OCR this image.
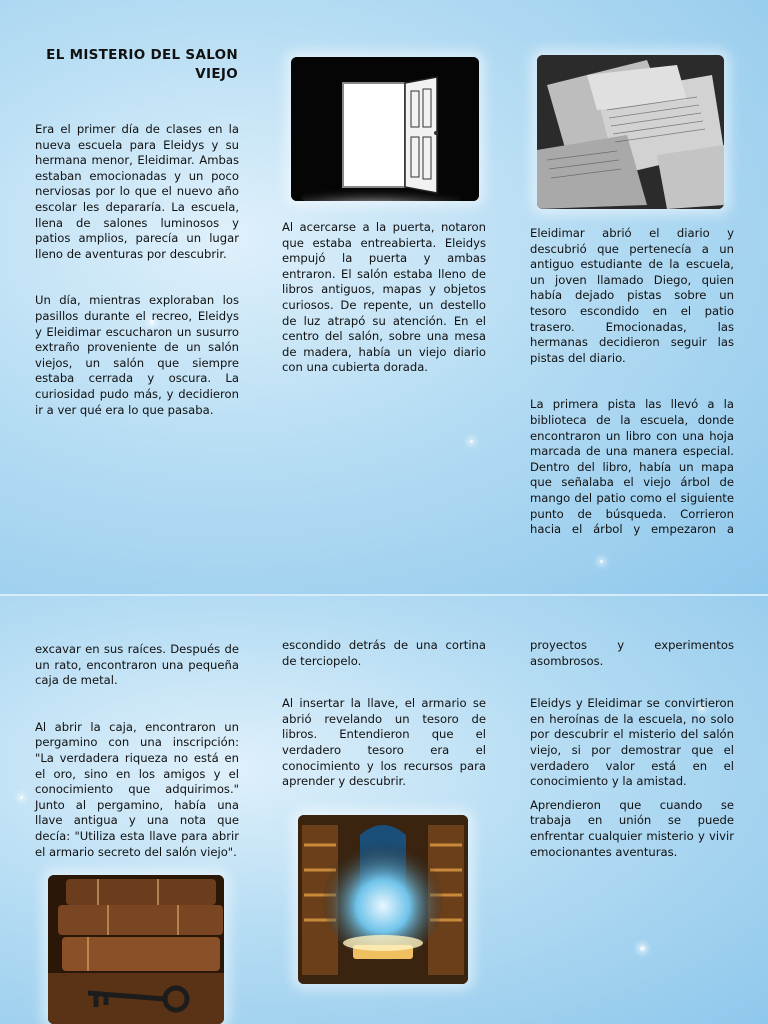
EL MISTERIO DEL SALON VIEJO

Era el primer día de clases en la nueva escuela para Eleidys y su hermana menor, Eleidimar. Ambas estaban emocionadas y un poco nerviosas por lo que el nuevo año escolar les depararía. La escuela, llena de salones luminosos y patios amplios, parecía un lugar lleno de aventuras por descubrir.

Un día, mientras exploraban los pasillos durante el recreo, Eleidys y Eleidimar escucharon un susurro extraño proveniente de un salón viejos, un salón que siempre estaba cerrada y oscura. La curiosidad pudo más, y decidieron ir a ver qué era lo que pasaba.

Al acercarse a la puerta, notaron que estaba entreabierta. Eleidys empujó la puerta y ambas entraron. El salón estaba lleno de libros antiguos, mapas y objetos curiosos. De repente, un destello de luz atrapó su atención. En el centro del salón, sobre una mesa de madera, había un viejo diario con una cubierta dorada.

Eleidimar abrió el diario y descubrió que pertenecía a un antiguo estudiante de la escuela, un joven llamado Diego, quien había dejado pistas sobre un tesoro escondido en el patio trasero. Emocionadas, las hermanas decidieron seguir las pistas del diario.

La primera pista las llevó a la biblioteca de la escuela, donde encontraron un libro con una hoja marcada de una manera especial. Dentro del libro, había un mapa que señalaba el viejo árbol de mango del patio como el siguiente punto de búsqueda. Corrieron hacia el árbol y empezaron a

excavar en sus raíces. Después de un rato, encontraron una pequeña caja de metal.

Al abrir la caja, encontraron un pergamino con una inscripción: "La verdadera riqueza no está en el oro, sino en los amigos y el conocimiento que adquirimos." Junto al pergamino, había una llave antigua y una nota que decía: "Utiliza esta llave para abrir el armario secreto del salón viejo".

escondido detrás de una cortina de terciopelo.

Al insertar la llave, el armario se abrió revelando un tesoro de libros. Entendieron que el verdadero tesoro era el conocimiento y los recursos para aprender y descubrir.

proyectos y experimentos asombrosos.

Eleidys y Eleidimar se convirtieron en heroínas de la escuela, no solo por descubrir el misterio del salón viejo, si por demostrar que el verdadero valor está en el conocimiento y la amistad.

Aprendieron que cuando se trabaja en unión se puede enfrentar cualquier misterio y vivir emocionantes aventuras.
